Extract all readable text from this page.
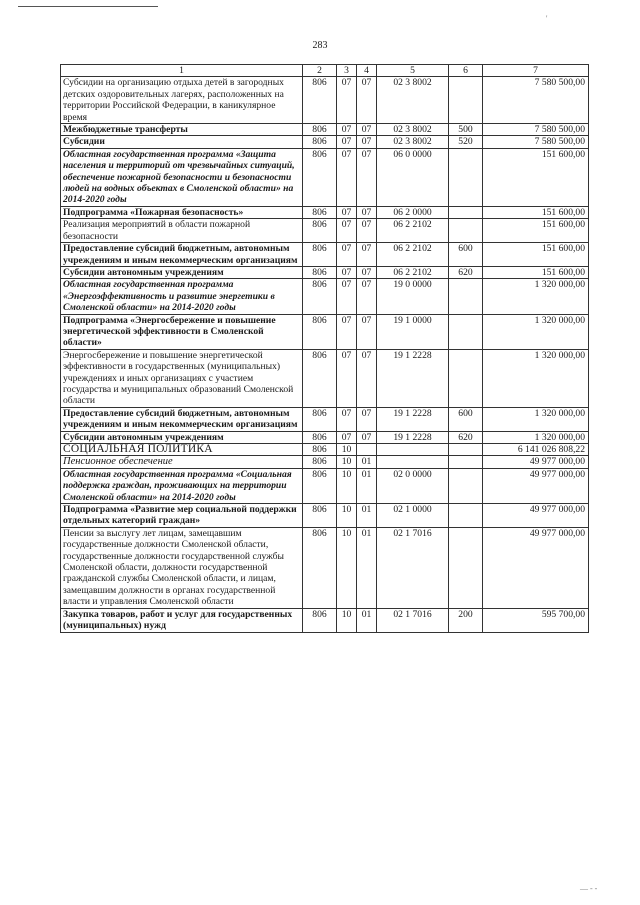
283
1	2	3	4	5	6	7
Субсидии на организацию отдыха детей в загородных детских оздоровительных лагерях, расположенных на территории Российской Федерации, в каникулярное время	806	07	07	02 3 8002		7 580 500,00
Межбюджетные трансферты	806	07	07	02 3 8002	500	7 580 500,00
Субсидии	806	07	07	02 3 8002	520	7 580 500,00
Областная государственная программа «Защита населения и территорий от чрезвычайных ситуаций, обеспечение пожарной безопасности и безопасности людей на водных объектах в Смоленской области» на 2014-2020 годы	806	07	07	06 0 0000		151 600,00
Подпрограмма «Пожарная безопасность»	806	07	07	06 2 0000		151 600,00
Реализация мероприятий в области пожарной безопасности	806	07	07	06 2 2102		151 600,00
Предоставление субсидий бюджетным, автономным учреждениям и иным некоммерческим организациям	806	07	07	06 2 2102	600	151 600,00
Субсидии автономным учреждениям	806	07	07	06 2 2102	620	151 600,00
Областная государственная программа «Энергоэффективность и развитие энергетики в Смоленской области» на 2014-2020 годы	806	07	07	19 0 0000		1 320 000,00
Подпрограмма «Энергосбережение и повышение энергетической эффективности в Смоленской области»	806	07	07	19 1 0000		1 320 000,00
Энергосбережение и повышение энергетической эффективности в государственных (муниципальных) учреждениях и иных организациях с участием государства и муниципальных образований Смоленской области	806	07	07	19 1 2228		1 320 000,00
Предоставление субсидий бюджетным, автономным учреждениям и иным некоммерческим организациям	806	07	07	19 1 2228	600	1 320 000,00
Субсидии автономным учреждениям	806	07	07	19 1 2228	620	1 320 000,00
СОЦИАЛЬНАЯ ПОЛИТИКА	806	10				6 141 026 808,22
Пенсионное обеспечение	806	10	01			49 977 000,00
Областная государственная программа «Социальная поддержка граждан, проживающих на территории Смоленской области» на 2014-2020 годы	806	10	01	02 0 0000		49 977 000,00
Подпрограмма «Развитие мер социальной поддержки отдельных категорий граждан»	806	10	01	02 1 0000		49 977 000,00
Пенсии за выслугу лет лицам, замещавшим государственные должности Смоленской области, государственные должности государственной службы Смоленской области, должности государственной гражданской службы Смоленской области, и лицам, замещавшим должности в органах государственной власти и управления Смоленской области	806	10	01	02 1 7016		49 977 000,00
Закупка товаров, работ и услуг для государственных (муниципальных) нужд	806	10	01	02 1 7016	200	595 700,00
'
— ‑ ‑
